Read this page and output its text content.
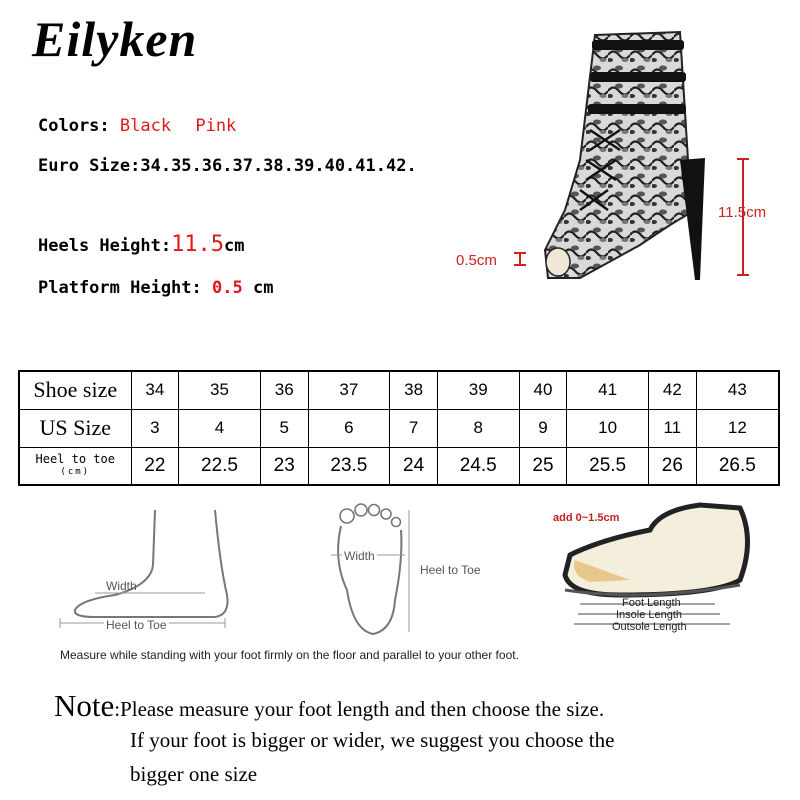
Eilyken
Colors: Black Pink
Euro Size:34.35.36.37.38.39.40.41.42.
Heels Height:11.5cm
Platform Height: 0.5 cm
11.5cm
0.5cm
Shoe size	34	35	36	37	38	39	40	41	42	43
US Size	3	4	5	6	7	8	9	10	11	12
Heel to toe
(cm)	22	22.5	23	23.5	24	24.5	25	25.5	26	26.5
Width
Heel to Toe
Width
Heel to Toe
add 0~1.5cm
Foot Length
Insole Length
Outsole Length
Measure while standing with your foot firmly on the floor and parallel to your other foot.
Note:Please measure your foot length and then choose the size.
If your foot is bigger or wider, we suggest you choose the
bigger one size
